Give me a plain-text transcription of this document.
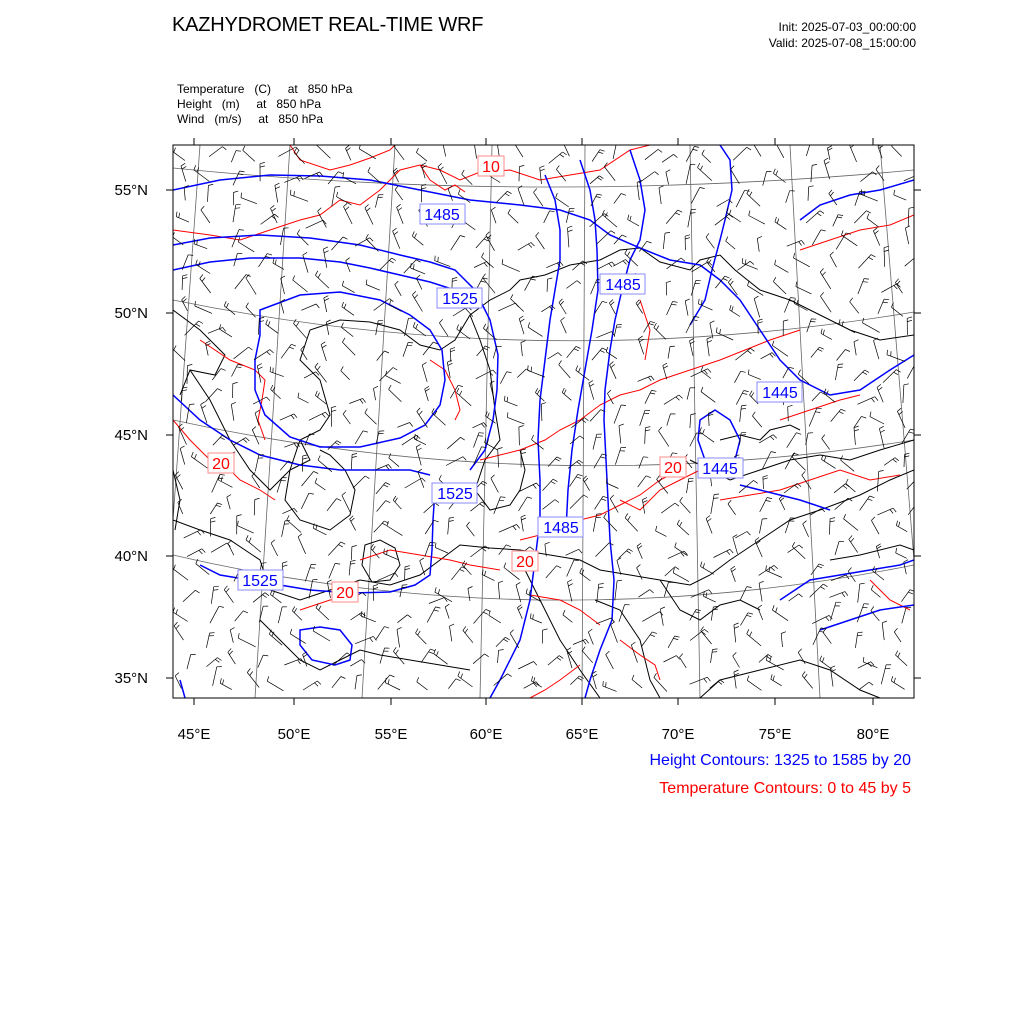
KAZHYDROMET REAL-TIME WRF	Init: 2025-07-03_00:00:00
Valid: 2025-07-08_15:00:00
Temperature   (C)     at   850 hPa
Height   (m)     at   850 hPa
Wind   (m/s)     at   850 hPa
1485
1525
1485
1445
1445
1525
1485
1525
10
20	20
20
20
55°N
50°N
45°N
40°N
35°N
45°E	50°E	55°E	60°E	65°E	70°E	75°E	80°E
Height Contours: 1325 to 1585 by 20
Temperature Contours: 0 to 45 by 5
